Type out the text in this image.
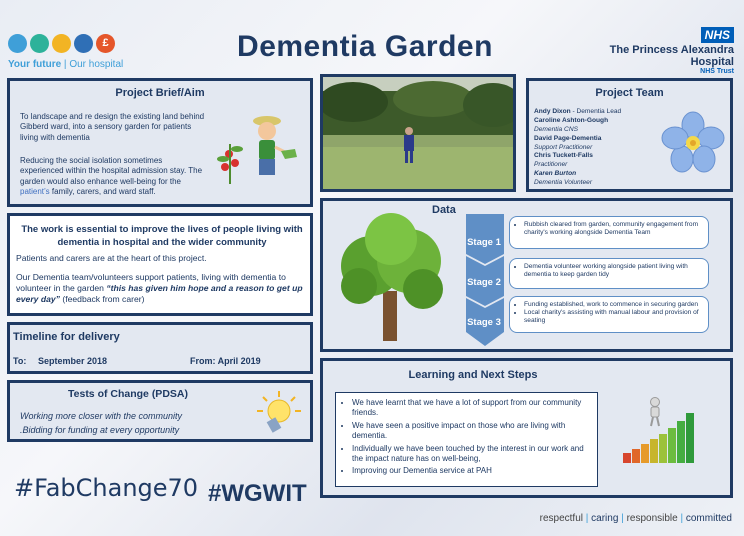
£
Your future | Our hospital
Dementia Garden	NHS
The Princess Alexandra
Hospital
NHS Trust
Project Brief/Aim
To landscape and re design the existing land behind Gibberd ward, into a sensory garden for patients living with dementia
Reducing the social isolation sometimes experienced within the hospital admission stay. The garden would also enhance well-being for the patient’s family, carers, and ward staff.
Project Team
Andy Dixon - Dementia Lead
Caroline Ashton-Gough
Dementia CNS
David Page-Dementia
Support Practitioner
Chris Tuckett-Falls
Practitioner
Karen Burton
Dementia Volunteer
The work is essential to improve the lives of people living with dementia in hospital and the wider community
Patients and carers are at the heart of this project.
Our Dementia team/volunteers support patients, living with dementia to volunteer in the garden “this has given him hope and a reason to get up every day” (feedback from carer)
Timeline for delivery
To: September 2018	From: April 2019
Tests of Change (PDSA)
Working more closer with the community
.Bidding for funding at every opportunity
#FabChange70 #WGWIT
Data
Stage 1
Stage 2
Stage 3
• Rubbish cleared from garden, community engagement from charity's working alongside Dementia Team
• Dementia volunteer working alongside patient living with dementia to keep garden tidy
• Funding established, work to commence in securing garden
• Local charity's assisting with manual labour and provision of seating
Learning and Next Steps
• We have learnt that we have a lot of support from our community friends.
• We have seen a positive impact on those who are living with dementia.
• Individually we have been touched by the interest in our work and the impact nature has on well-being,
• Improving our Dementia service at PAH
respectful | caring | responsible | committed
